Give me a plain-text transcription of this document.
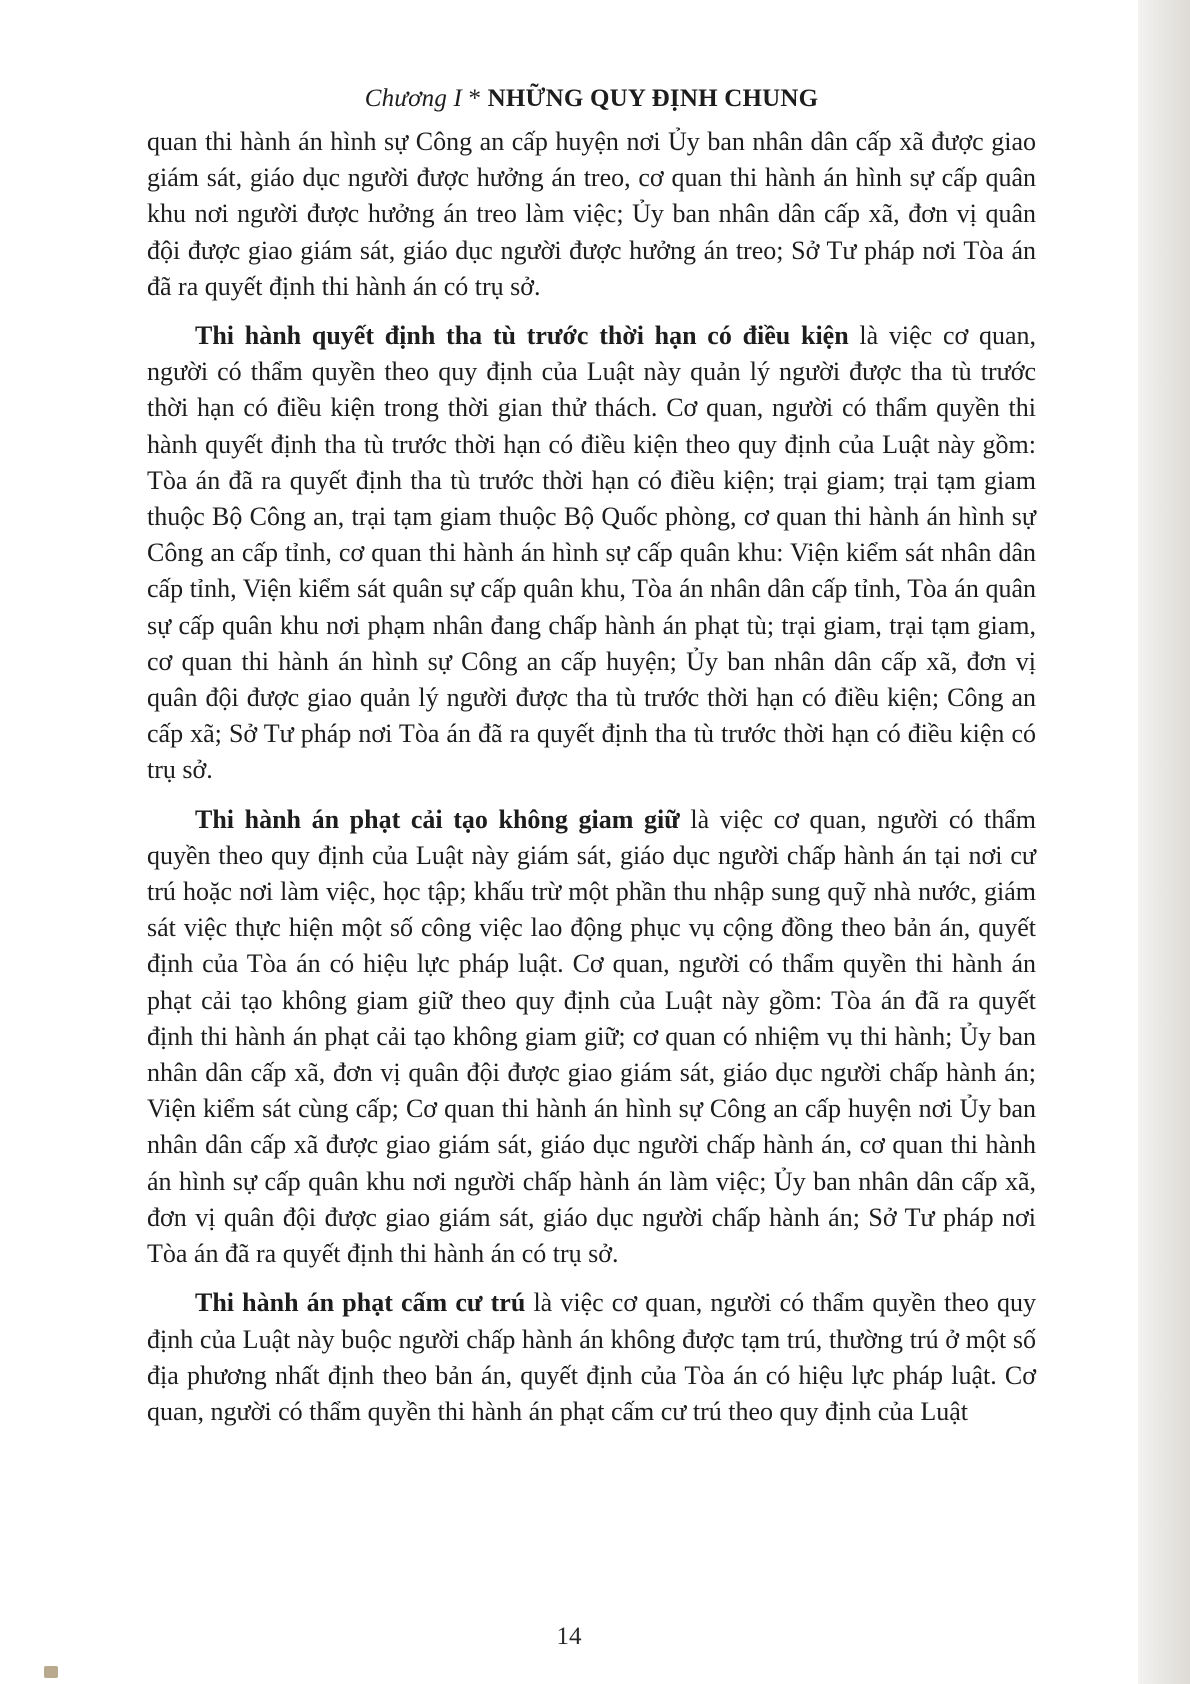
Chương I * NHỮNG QUY ĐỊNH CHUNG

quan thi hành án hình sự Công an cấp huyện nơi Ủy ban nhân dân cấp xã được giao giám sát, giáo dục người được hưởng án treo, cơ quan thi hành án hình sự cấp quân khu nơi người được hưởng án treo làm việc; Ủy ban nhân dân cấp xã, đơn vị quân đội được giao giám sát, giáo dục người được hưởng án treo; Sở Tư pháp nơi Tòa án đã ra quyết định thi hành án có trụ sở.

Thi hành quyết định tha tù trước thời hạn có điều kiện là việc cơ quan, người có thẩm quyền theo quy định của Luật này quản lý người được tha tù trước thời hạn có điều kiện trong thời gian thử thách. Cơ quan, người có thẩm quyền thi hành quyết định tha tù trước thời hạn có điều kiện theo quy định của Luật này gồm: Tòa án đã ra quyết định tha tù trước thời hạn có điều kiện; trại giam; trại tạm giam thuộc Bộ Công an, trại tạm giam thuộc Bộ Quốc phòng, cơ quan thi hành án hình sự Công an cấp tỉnh, cơ quan thi hành án hình sự cấp quân khu: Viện kiểm sát nhân dân cấp tỉnh, Viện kiểm sát quân sự cấp quân khu, Tòa án nhân dân cấp tỉnh, Tòa án quân sự cấp quân khu nơi phạm nhân đang chấp hành án phạt tù; trại giam, trại tạm giam, cơ quan thi hành án hình sự Công an cấp huyện; Ủy ban nhân dân cấp xã, đơn vị quân đội được giao quản lý người được tha tù trước thời hạn có điều kiện; Công an cấp xã; Sở Tư pháp nơi Tòa án đã ra quyết định tha tù trước thời hạn có điều kiện có trụ sở.

Thi hành án phạt cải tạo không giam giữ là việc cơ quan, người có thẩm quyền theo quy định của Luật này giám sát, giáo dục người chấp hành án tại nơi cư trú hoặc nơi làm việc, học tập; khấu trừ một phần thu nhập sung quỹ nhà nước, giám sát việc thực hiện một số công việc lao động phục vụ cộng đồng theo bản án, quyết định của Tòa án có hiệu lực pháp luật. Cơ quan, người có thẩm quyền thi hành án phạt cải tạo không giam giữ theo quy định của Luật này gồm: Tòa án đã ra quyết định thi hành án phạt cải tạo không giam giữ; cơ quan có nhiệm vụ thi hành; Ủy ban nhân dân cấp xã, đơn vị quân đội được giao giám sát, giáo dục người chấp hành án; Viện kiểm sát cùng cấp; Cơ quan thi hành án hình sự Công an cấp huyện nơi Ủy ban nhân dân cấp xã được giao giám sát, giáo dục người chấp hành án, cơ quan thi hành án hình sự cấp quân khu nơi người chấp hành án làm việc; Ủy ban nhân dân cấp xã, đơn vị quân đội được giao giám sát, giáo dục người chấp hành án; Sở Tư pháp nơi Tòa án đã ra quyết định thi hành án có trụ sở.

Thi hành án phạt cấm cư trú là việc cơ quan, người có thẩm quyền theo quy định của Luật này buộc người chấp hành án không được tạm trú, thường trú ở một số địa phương nhất định theo bản án, quyết định của Tòa án có hiệu lực pháp luật. Cơ quan, người có thẩm quyền thi hành án phạt cấm cư trú theo quy định của Luật

14
